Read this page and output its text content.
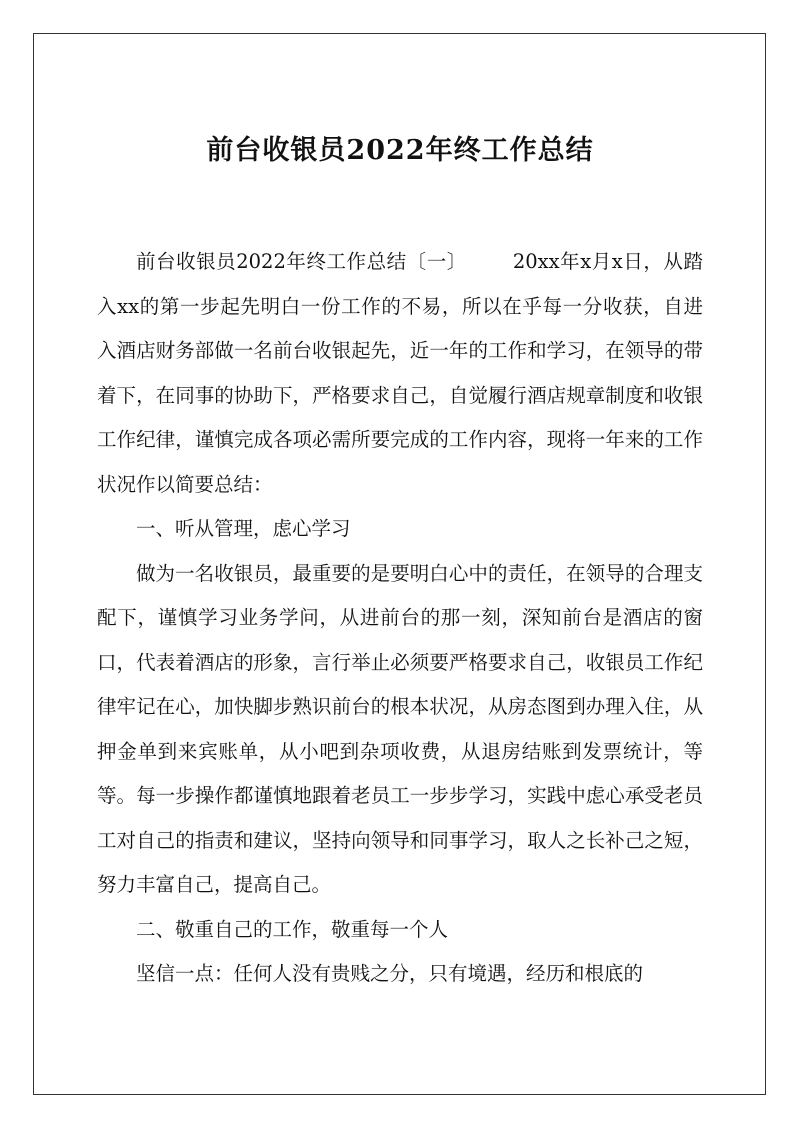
前台收银员2022年终工作总结

前台收银员2022年终工作总结〔一〕 20xx年x月x日，从踏入xx的第一步起先明白一份工作的不易，所以在乎每一分收获，自进入酒店财务部做一名前台收银起先，近一年的工作和学习，在领导的带着下，在同事的协助下，严格要求自己，自觉履行酒店规章制度和收银工作纪律，谨慎完成各项必需所要完成的工作内容，现将一年来的工作状况作以简要总结：

一、听从管理，虑心学习

做为一名收银员，最重要的是要明白心中的责任，在领导的合理支配下，谨慎学习业务学问，从进前台的那一刻，深知前台是酒店的窗口，代表着酒店的形象，言行举止必须要严格要求自己，收银员工作纪律牢记在心，加快脚步熟识前台的根本状况，从房态图到办理入住，从押金单到来宾账单，从小吧到杂项收费，从退房结账到发票统计，等等。每一步操作都谨慎地跟着老员工一步步学习，实践中虑心承受老员工对自己的指责和建议，坚持向领导和同事学习，取人之长补己之短，努力丰富自己，提高自己。

二、敬重自己的工作，敬重每一个人

坚信一点：任何人没有贵贱之分，只有境遇，经历和根底的
